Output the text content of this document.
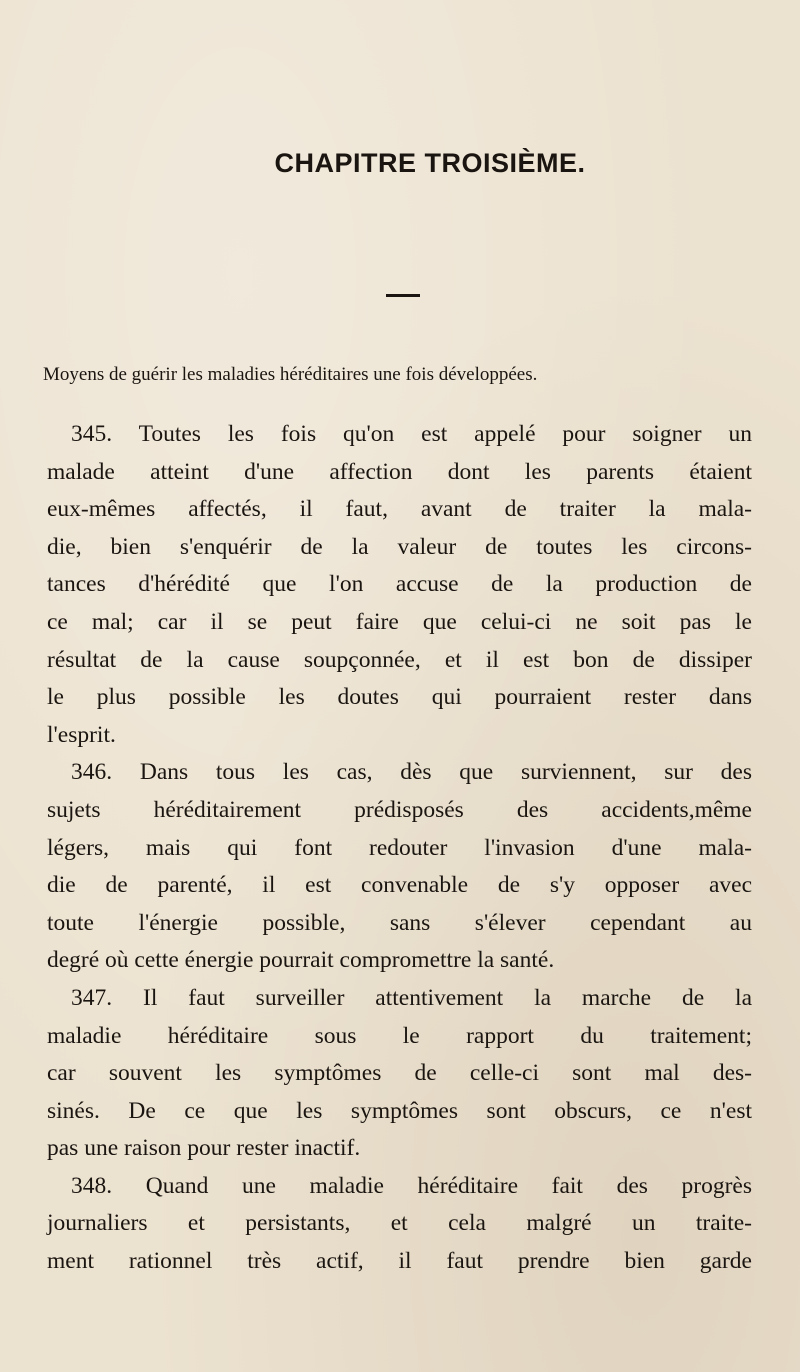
CHAPITRE TROISIÈME.

Moyens de guérir les maladies héréditaires une fois développées.

345. Toutes les fois qu'on est appelé pour soigner un
malade atteint d'une affection dont les parents étaient
eux-mêmes affectés, il faut, avant de traiter la mala-
die, bien s'enquérir de la valeur de toutes les circons-
tances d'hérédité que l'on accuse de la production de
ce mal; car il se peut faire que celui-ci ne soit pas le
résultat de la cause soupçonnée, et il est bon de dissiper
le plus possible les doutes qui pourraient rester dans
l'esprit.
346. Dans tous les cas, dès que surviennent, sur des
sujets héréditairement prédisposés des accidents,même
légers, mais qui font redouter l'invasion d'une mala-
die de parenté, il est convenable de s'y opposer avec
toute l'énergie possible, sans s'élever cependant au
degré où cette énergie pourrait compromettre la santé.
347. Il faut surveiller attentivement la marche de la
maladie héréditaire sous le rapport du traitement;
car souvent les symptômes de celle-ci sont mal des-
sinés. De ce que les symptômes sont obscurs, ce n'est
pas une raison pour rester inactif.
348. Quand une maladie héréditaire fait des progrès
journaliers et persistants, et cela malgré un traite-
ment rationnel très actif, il faut prendre bien garde
